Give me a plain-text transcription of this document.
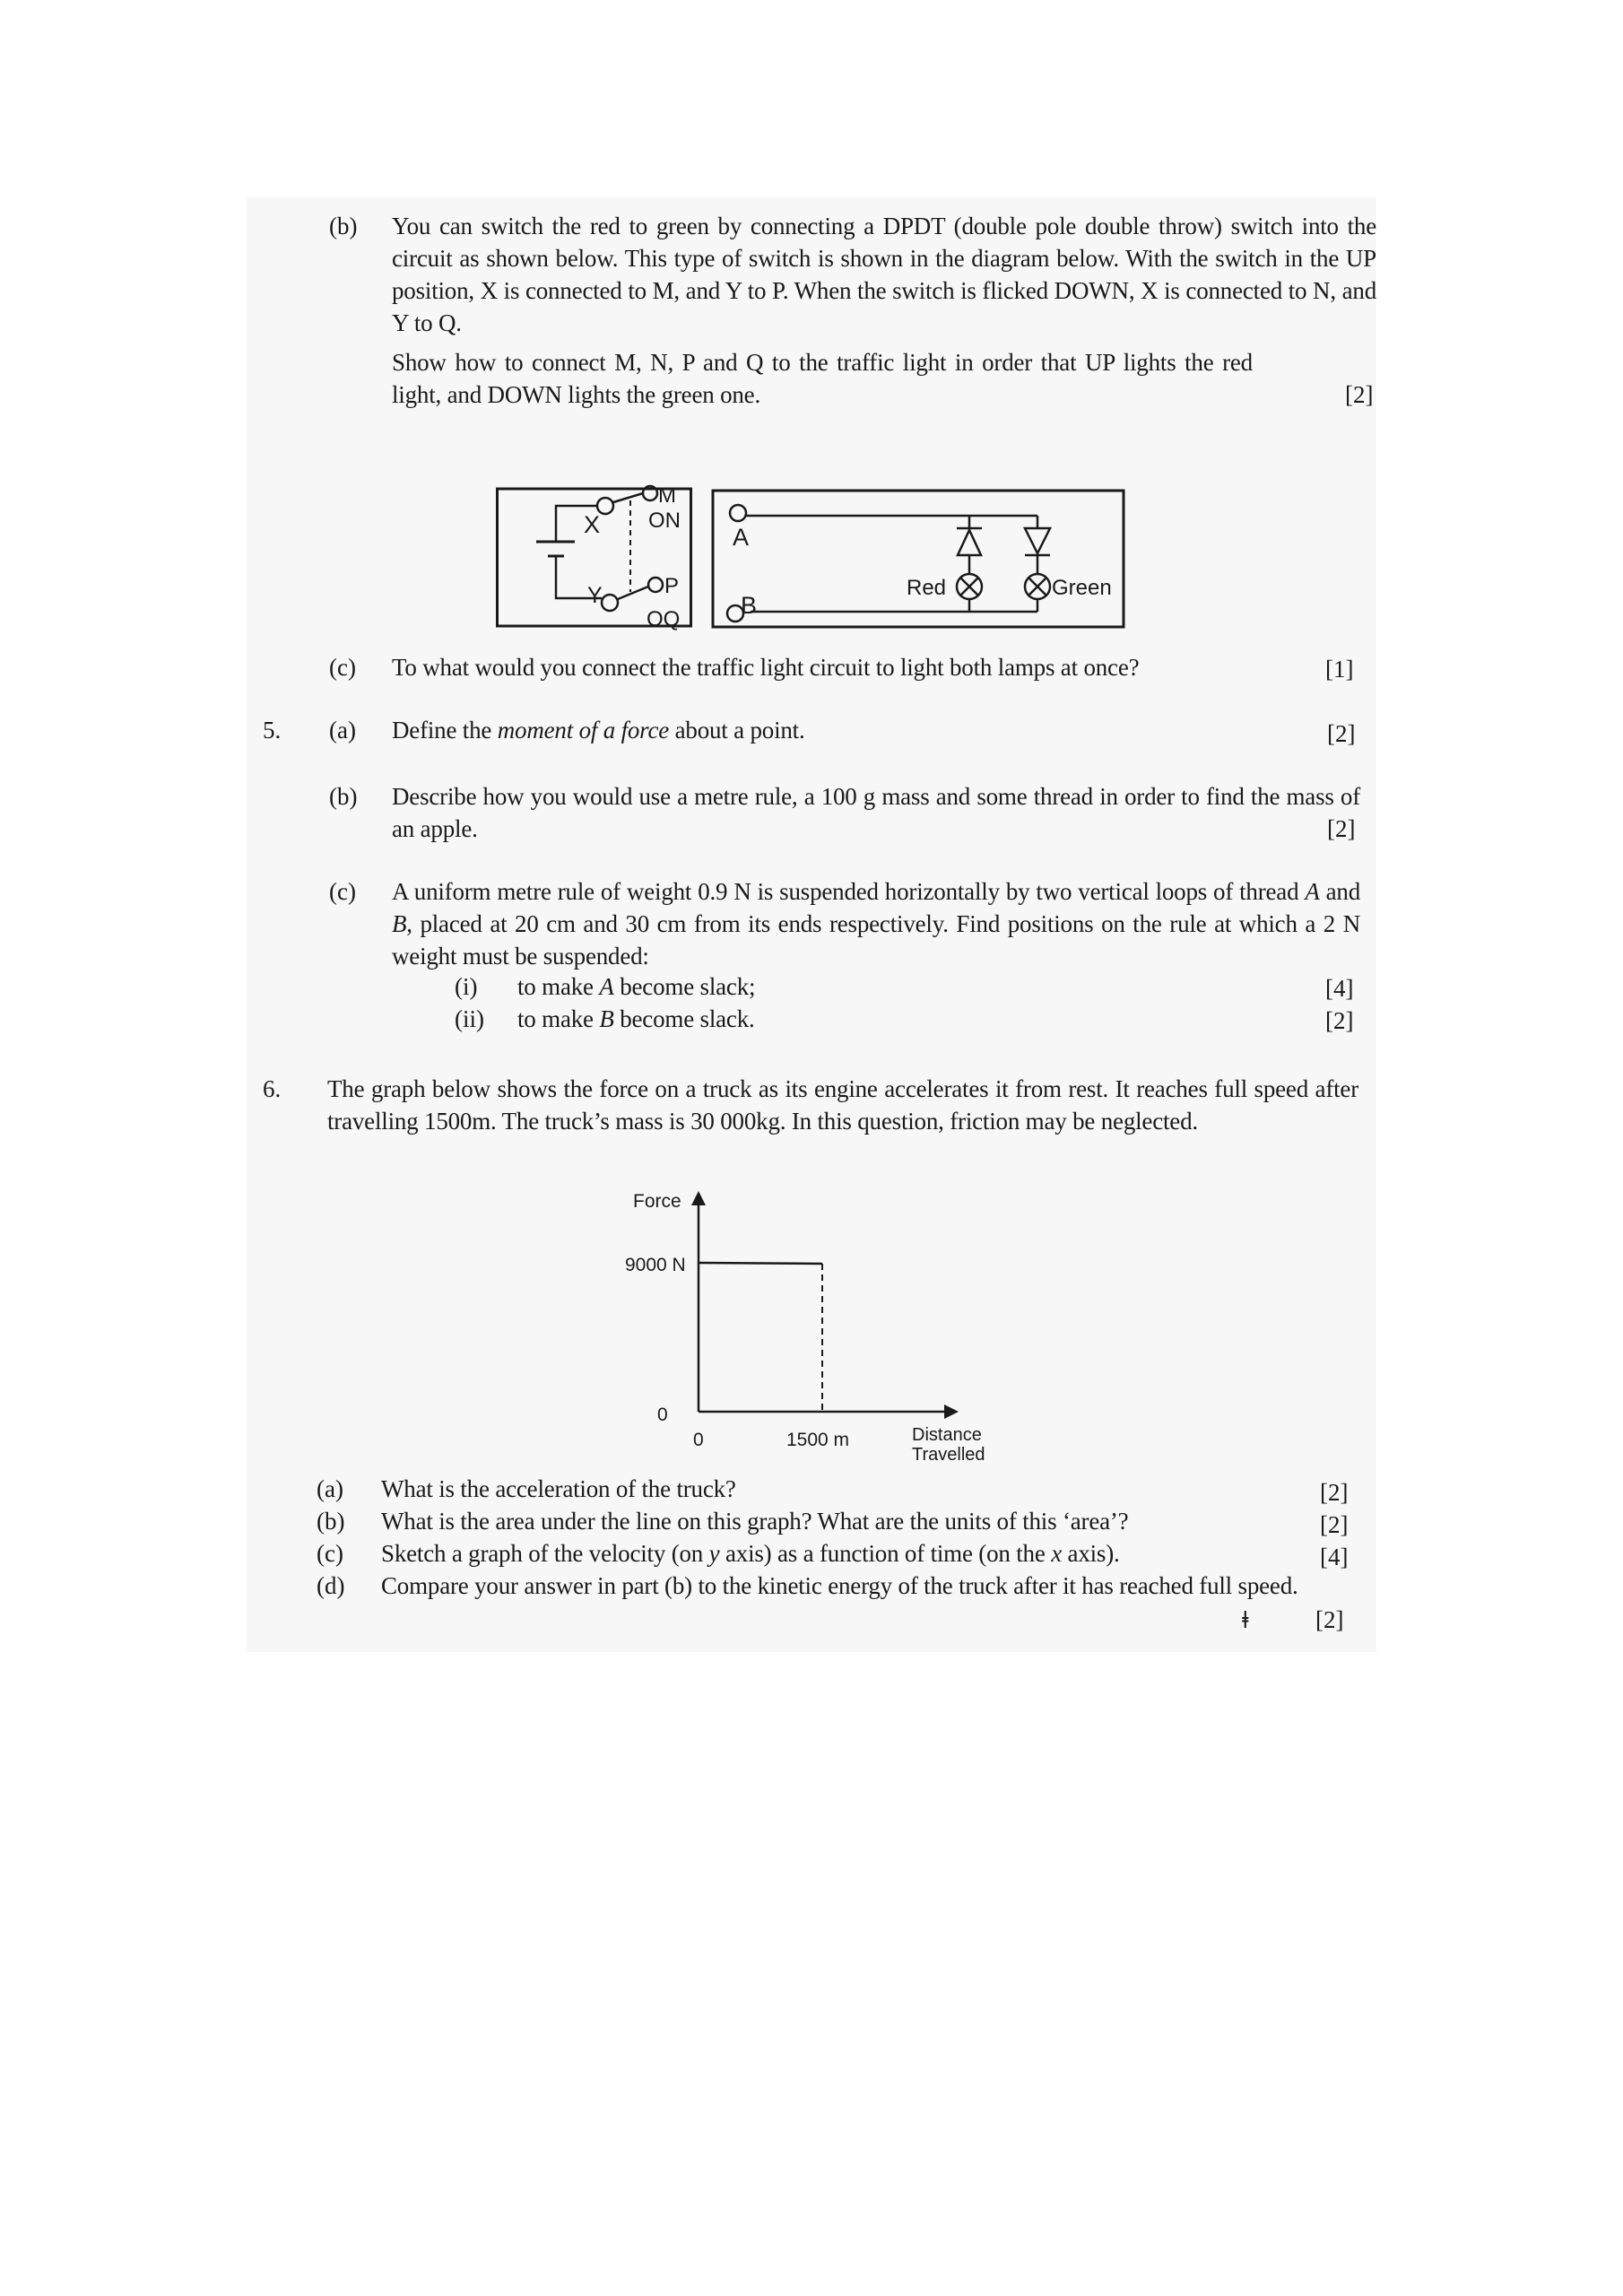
(b) You can switch the red to green by connecting a DPDT (double pole double throw) switch into the circuit as shown below. This type of switch is shown in the diagram below. With the switch in the UP position, X is connected to M, and Y to P. When the switch is flicked DOWN, X is connected to N, and Y to Q.
Show how to connect M, N, P and Q to the traffic light in order that UP lights the red light, and DOWN lights the green one.	[2]
X
Y
M
ON
P
OQ
A
B
Red	Green
(c) To what would you connect the traffic light circuit to light both lamps at once?	[1]
5. (a) Define the moment of a force about a point.	[2]
(b) Describe how you would use a metre rule, a 100 g mass and some thread in order to find the mass of an apple.	[2]
(c) A uniform metre rule of weight 0.9 N is suspended horizontally by two vertical loops of thread A and B, placed at 20 cm and 30 cm from its ends respectively. Find positions on the rule at which a 2 N weight must be suspended:
(i) to make A become slack;	[4]
(ii) to make B become slack.	[2]
6. The graph below shows the force on a truck as its engine accelerates it from rest. It reaches full speed after travelling 1500m. The truck’s mass is 30 000kg. In this question, friction may be neglected.
Force
9000 N
0
0	1500 m	Distance
Travelled
(a) What is the acceleration of the truck?	[2]
(b) What is the area under the line on this graph? What are the units of this ‘area’?	[2]
(c) Sketch a graph of the velocity (on y axis) as a function of time (on the x axis).	[4]
(d) Compare your answer in part (b) to the kinetic energy of the truck after it has reached full speed.
ǂ	[2]
